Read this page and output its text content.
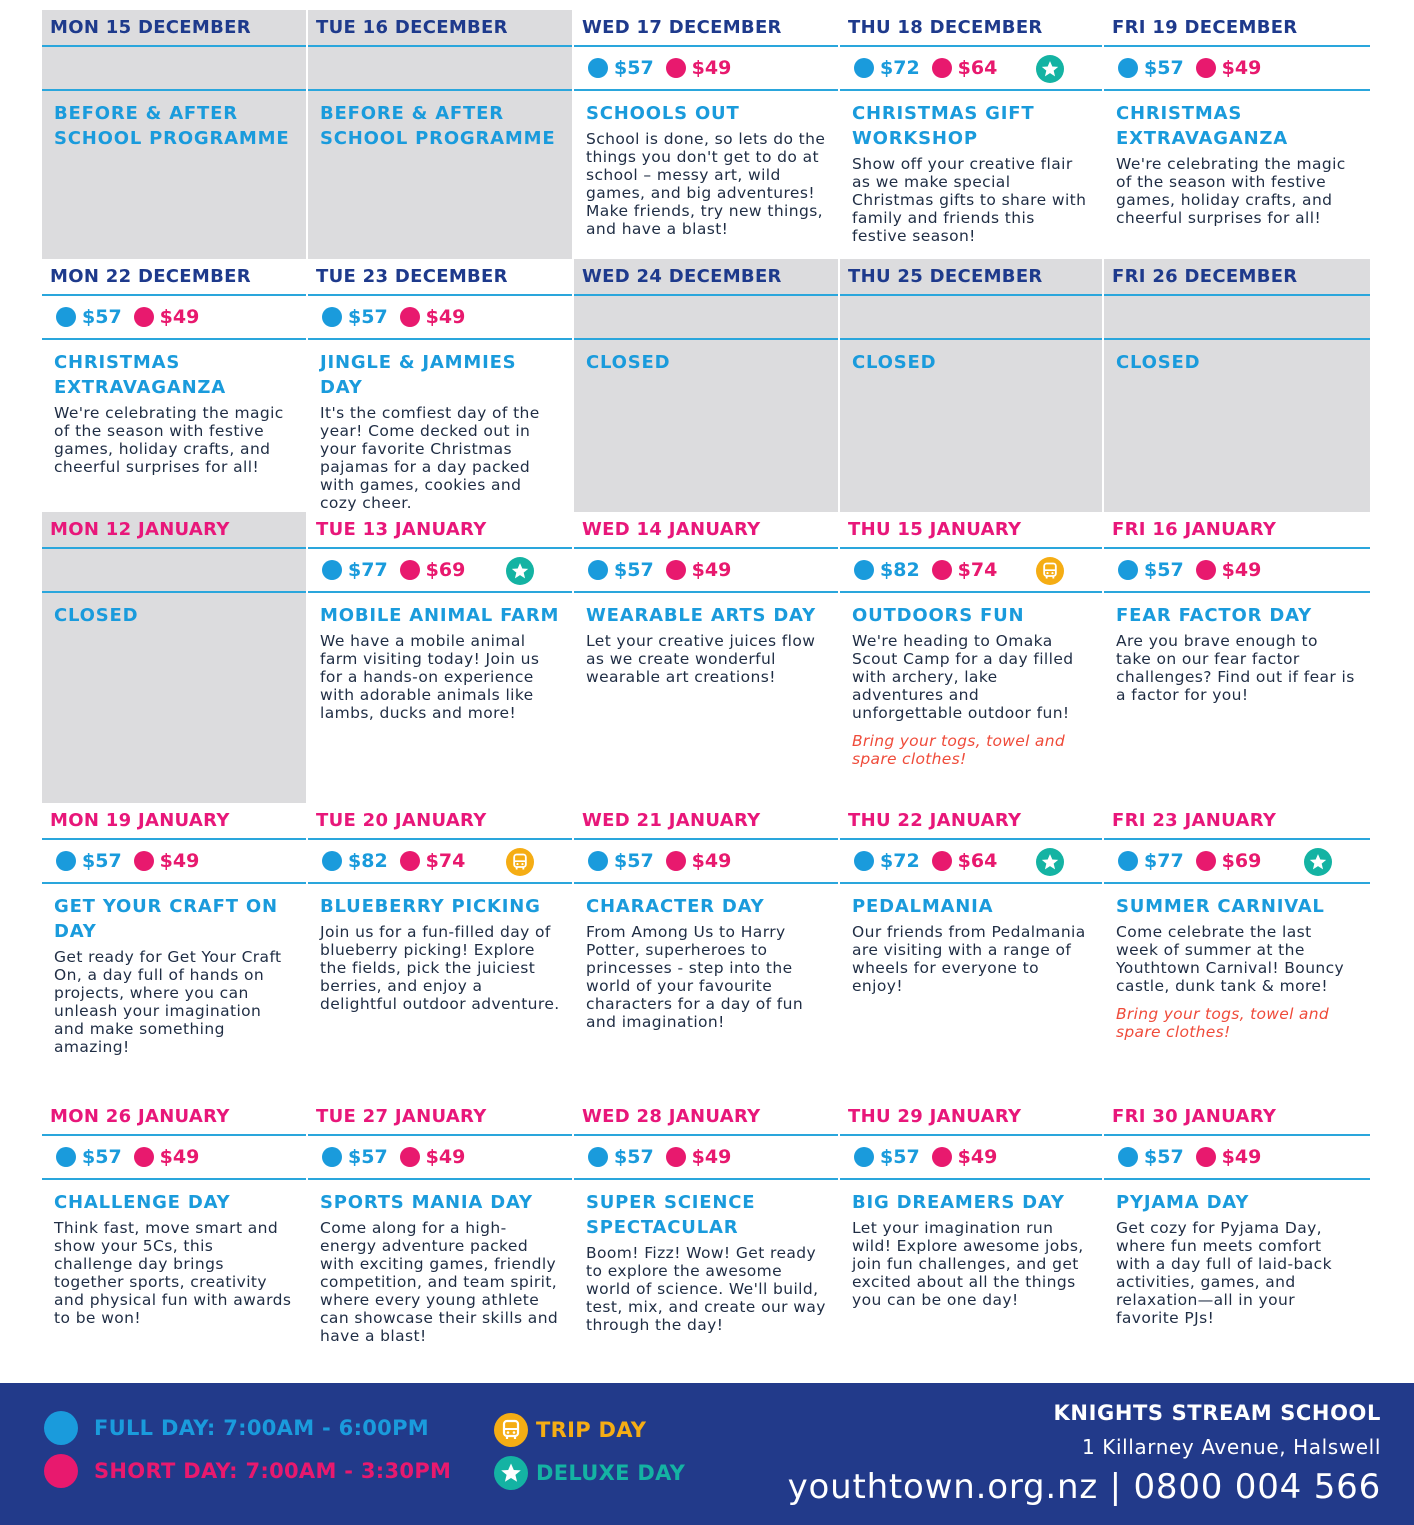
MON 15 DECEMBER
BEFORE & AFTER SCHOOL PROGRAMME
TUE 16 DECEMBER
BEFORE & AFTER SCHOOL PROGRAMME
WED 17 DECEMBER
$57 $49
SCHOOLS OUT
School is done, so lets do the things you don't get to do at school – messy art, wild games, and big adventures! Make friends, try new things, and have a blast!
THU 18 DECEMBER
$72 $64
CHRISTMAS GIFT WORKSHOP
Show off your creative flair as we make special Christmas gifts to share with family and friends this festive season!
FRI 19 DECEMBER
$57 $49
CHRISTMAS EXTRAVAGANZA
We're celebrating the magic of the season with festive games, holiday crafts, and cheerful surprises for all!
MON 22 DECEMBER
$57 $49
CHRISTMAS EXTRAVAGANZA
We're celebrating the magic of the season with festive games, holiday crafts, and cheerful surprises for all!
TUE 23 DECEMBER
$57 $49
JINGLE & JAMMIES DAY
It's the comfiest day of the year! Come decked out in your favorite Christmas pajamas for a day packed with games, cookies and cozy cheer.
WED 24 DECEMBER
CLOSED
THU 25 DECEMBER
CLOSED
FRI 26 DECEMBER
CLOSED
MON 12 JANUARY
CLOSED
TUE 13 JANUARY
$77 $69
MOBILE ANIMAL FARM
We have a mobile animal farm visiting today! Join us for a hands-on experience with adorable animals like lambs, ducks and more!
WED 14 JANUARY
$57 $49
WEARABLE ARTS DAY
Let your creative juices flow as we create wonderful wearable art creations!
THU 15 JANUARY
$82 $74
OUTDOORS FUN
We're heading to Omaka Scout Camp for a day filled with archery, lake adventures and unforgettable outdoor fun!
Bring your togs, towel and spare clothes!
FRI 16 JANUARY
$57 $49
FEAR FACTOR DAY
Are you brave enough to take on our fear factor challenges? Find out if fear is a factor for you!
MON 19 JANUARY
$57 $49
GET YOUR CRAFT ON DAY
Get ready for Get Your Craft On, a day full of hands on projects, where you can unleash your imagination and make something amazing!
TUE 20 JANUARY
$82 $74
BLUEBERRY PICKING
Join us for a fun-filled day of blueberry picking! Explore the fields, pick the juiciest berries, and enjoy a delightful outdoor adventure.
WED 21 JANUARY
$57 $49
CHARACTER DAY
From Among Us to Harry Potter, superheroes to princesses - step into the world of your favourite characters for a day of fun and imagination!
THU 22 JANUARY
$72 $64
PEDALMANIA
Our friends from Pedalmania are visiting with a range of wheels for everyone to enjoy!
FRI 23 JANUARY
$77 $69
SUMMER CARNIVAL
Come celebrate the last week of summer at the Youthtown Carnival! Bouncy castle, dunk tank & more!
Bring your togs, towel and spare clothes!
MON 26 JANUARY
$57 $49
CHALLENGE DAY
Think fast, move smart and show your 5Cs, this challenge day brings together sports, creativity and physical fun with awards to be won!
TUE 27 JANUARY
$57 $49
SPORTS MANIA DAY
Come along for a high-energy adventure packed with exciting games, friendly competition, and team spirit, where every young athlete can showcase their skills and have a blast!
WED 28 JANUARY
$57 $49
SUPER SCIENCE SPECTACULAR
Boom! Fizz! Wow! Get ready to explore the awesome world of science. We'll build, test, mix, and create our way through the day!
THU 29 JANUARY
$57 $49
BIG DREAMERS DAY
Let your imagination run wild! Explore awesome jobs, join fun challenges, and get excited about all the things you can be one day!
FRI 30 JANUARY
$57 $49
PYJAMA DAY
Get cozy for Pyjama Day, where fun meets comfort with a day full of laid-back activities, games, and relaxation—all in your favorite PJs!
FULL DAY: 7:00AM - 6:00PM
SHORT DAY: 7:00AM - 3:30PM
TRIP DAY
DELUXE DAY
KNIGHTS STREAM SCHOOL
1 Killarney Avenue, Halswell
youthtown.org.nz | 0800 004 566
